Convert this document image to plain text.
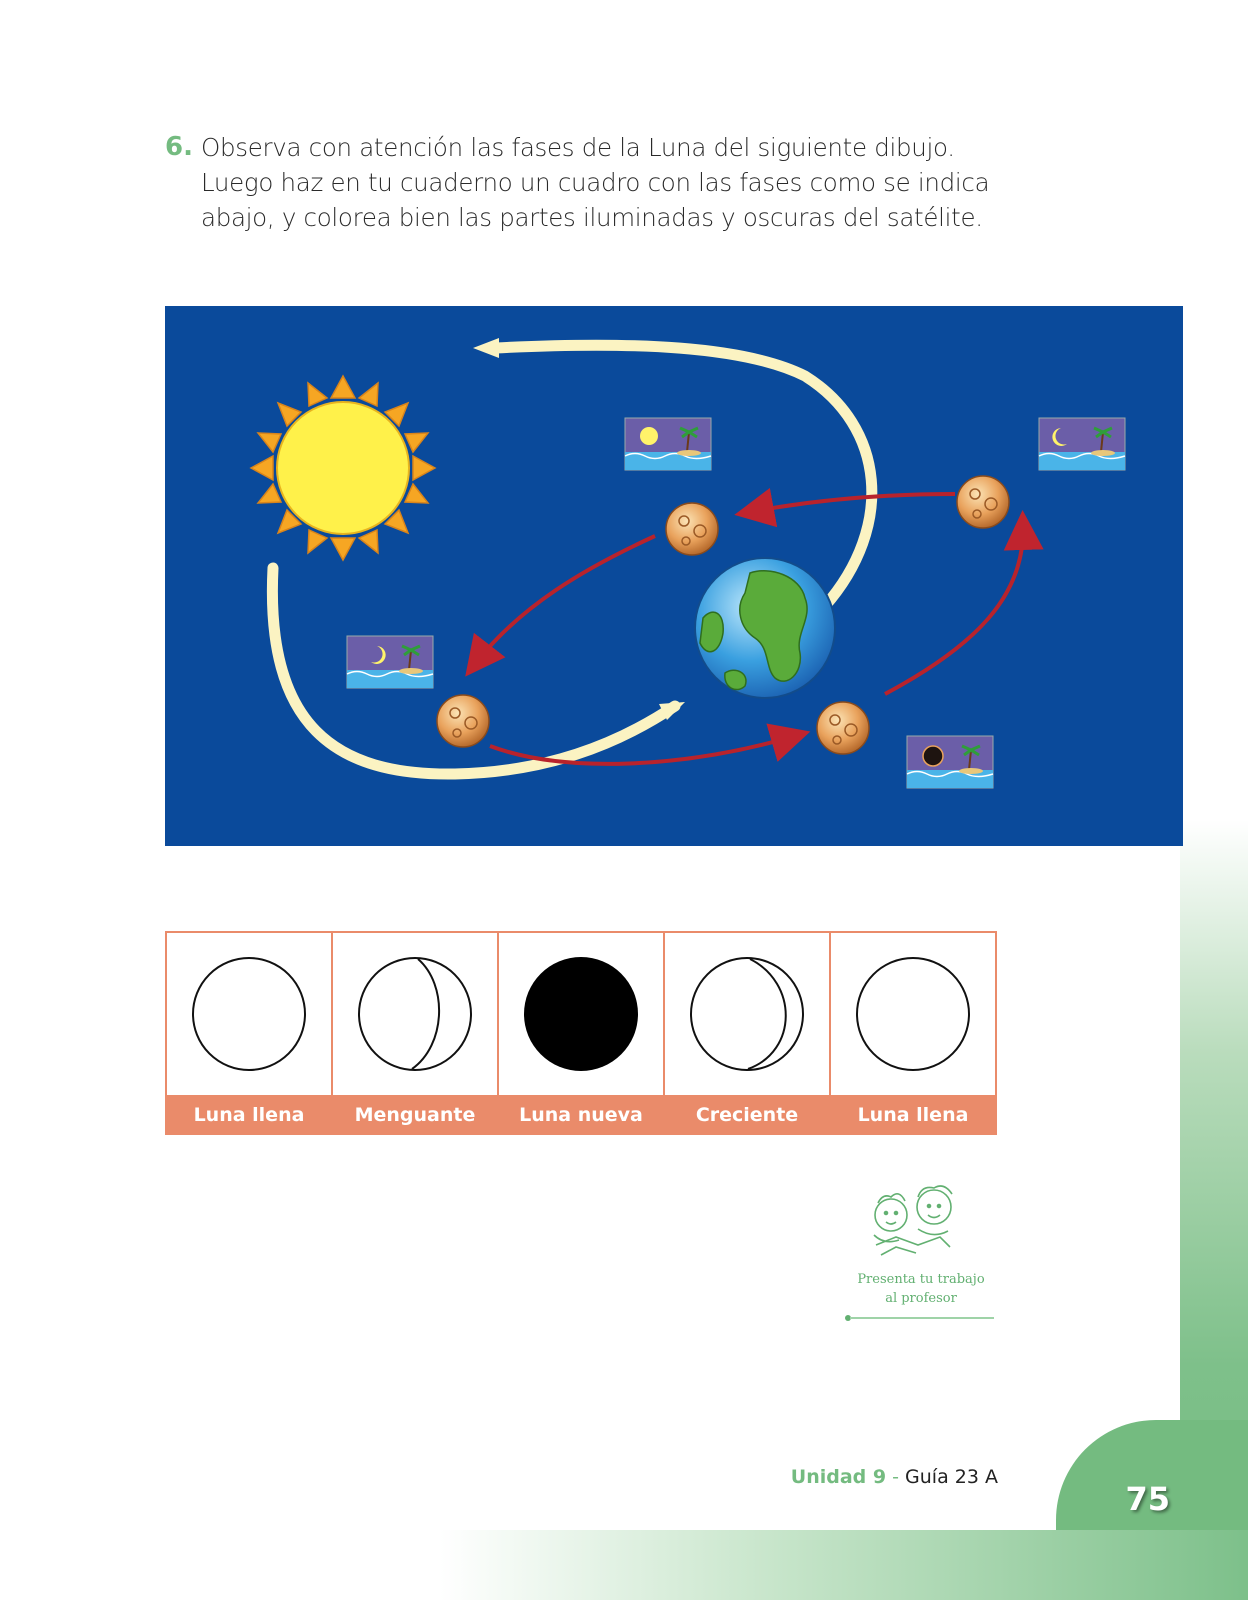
75
6. Observa con atención las fases de la Luna del siguiente dibujo.
Luego haz en tu cuaderno un cuadro con las fases como se indica
abajo, y colorea bien las partes iluminadas y oscuras del satélite.
Luna llena	Menguante	Luna nueva	Creciente	Luna llena
Presenta tu trabajo
al profesor
Unidad 9 - Guía 23 A
